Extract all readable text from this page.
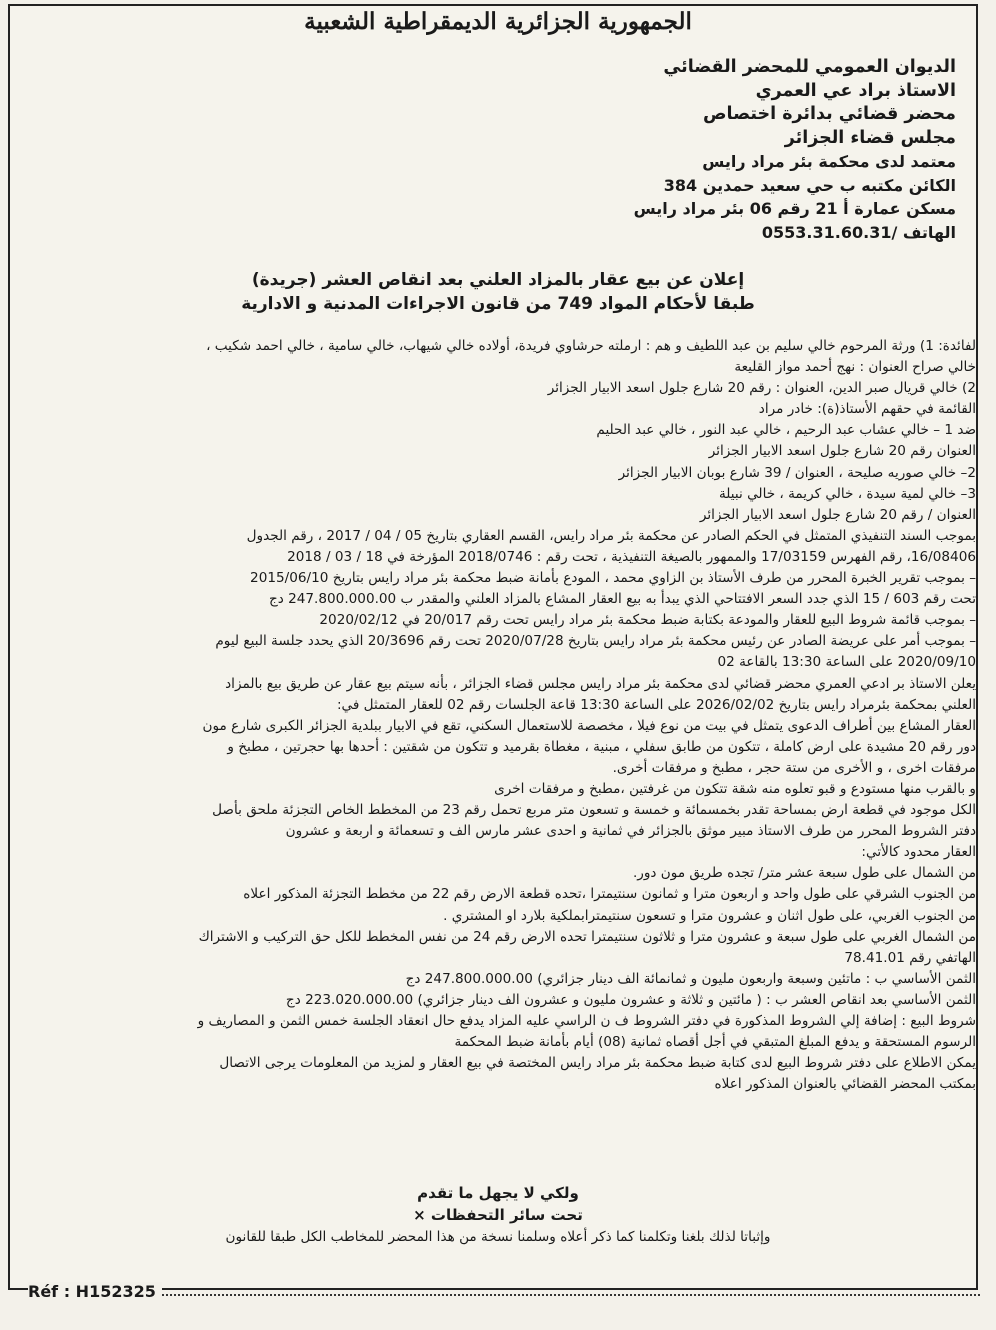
الجمهورية الجزائرية الديمقراطية الشعبية
الديوان العمومي للمحضر القضائي
الاستاذ براد عي العمري
محضر قضائي بدائرة اختصاص
مجلس قضاء الجزائر
معتمد لدى محكمة بئر مراد رايس
الكائن مكتبه ب حي سعيد حمدين 384
مسكن عمارة أ 21 رقم 06 بئر مراد رايس
الهاتف /0553.31.60.31
إعلان عن بيع عقار بالمزاد العلني بعد انقاص العشر (جريدة)
طبقا لأحكام المواد 749 من قانون الاجراءات المدنية و الادارية
لفائدة: 1) ورثة المرحوم خالي سليم بن عبد اللطيف و هم : ارملته حرشاوي فريدة، أولاده خالي شيهاب، خالي سامية ، خالي احمد شكيب ،
خالي صراح العنوان : نهج أحمد مواز القليعة
2) خالي قريال صبر الدين، العنوان : رقم 20 شارع جلول اسعد الابيار الجزائر
القائمة في حقهم الأستاذ(ة): خادر مراد
ضد 1 – خالي عشاب عبد الرحيم ، خالي عبد النور ، خالي عبد الحليم
العنوان رقم 20 شارع جلول اسعد الابيار الجزائر
2– خالي صوريه صليحة ، العنوان / 39 شارع بوبان الابيار الجزائر
3– خالي لمية سيدة ، خالي كريمة ، خالي نبيلة
العنوان / رقم 20 شارع جلول اسعد الابيار الجزائر
بموجب السند التنفيذي المتمثل في الحكم الصادر عن محكمة بئر مراد رايس، القسم العقاري بتاريخ 05 / 04 / 2017 ، رقم الجدول
16/08406، رقم الفهرس 17/03159 والممهور بالصيغة التنفيذية ، تحت رقم : 2018/0746 المؤرخة في 18 / 03 / 2018
– بموجب تقرير الخبرة المحرر من طرف الأستاذ بن الزاوي محمد ، المودع بأمانة ضبط محكمة بئر مراد رايس بتاريخ 2015/06/10
تحت رقم 603 / 15 الذي جدد السعر الافتتاحي الذي يبدأ به بيع العقار المشاع بالمزاد العلني والمقدر ب 247.800.000.00 دج
– بموجب قائمة شروط البيع للعقار والمودعة بكتابة ضبط محكمة بئر مراد رايس تحت رقم 20/017 في 2020/02/12
– بموجب أمر على عريضة الصادر عن رئيس محكمة بئر مراد رايس بتاريخ 2020/07/28 تحت رقم 20/3696 الذي يحدد جلسة البيع ليوم
2020/09/10 على الساعة 13:30 بالقاعة 02
يعلن الاستاذ بر ادعي العمري محضر قضائي لدى محكمة بئر مراد رايس مجلس قضاء الجزائر ، بأنه سيتم بيع عقار عن طريق بيع بالمزاد
العلني بمحكمة بئرمراد رايس بتاريخ 2026/02/02 على الساعة 13:30 قاعة الجلسات رقم 02 للعقار المتمثل في:
العقار المشاع بين أطراف الدعوى يتمثل في بيت من نوع فيلا ، مخصصة للاستعمال السكني، تقع في الابيار ببلدية الجزائر الكبرى شارع مون
دور رقم 20 مشيدة على ارض كاملة ، تتكون من طابق سفلي ، مبنية ، مغطاة بقرميد و تتكون من شقتين : أحدها بها حجرتين ، مطبخ و
مرفقات اخرى ، و الأخرى من ستة حجر ، مطبخ و مرفقات أخرى.
و بالقرب منها مستودع و قبو تعلوه منه شقة تتكون من غرفتين ،مطبخ و مرفقات اخرى
الكل موجود في قطعة ارض بمساحة تقدر بخمسمائة و خمسة و تسعون متر مربع تحمل رقم 23 من المخطط الخاص التجزئة ملحق بأصل
دفتر الشروط المحرر من طرف الاستاذ مبير موثق بالجزائر في ثمانية و احدى عشر مارس الف و تسعمائة و اربعة و عشرون
العقار محدود كالأتي:
من الشمال على طول سبعة عشر متر/ تجده طريق مون دور.
من الجنوب الشرقي على طول واحد و اربعون مترا و ثمانون سنتيمترا ،تحده قطعة الارض رقم 22 من مخطط التجزئة المذكور اعلاه
من الجنوب الغربي، على طول اثنان و عشرون مترا و تسعون سنتيمترابملكية بلارد او المشتري .
من الشمال الغربي على طول سبعة و عشرون مترا و ثلاثون سنتيمترا تحده الارض رقم 24 من نفس المخطط للكل حق التركيب و الاشتراك
الهاتفي رقم 78.41.01
الثمن الأساسي ب : ماتئين وسبعة واربعون مليون و ثمانمائة الف دينار جزائري) 247.800.000.00 دج
الثمن الأساسي بعد انقاص العشر ب : ( مائتين و ثلاثة و عشرون مليون و عشرون الف دينار جزائري) 223.020.000.00 دج
شروط البيع : إضافة إلي الشروط المذكورة في دفتر الشروط ف ن الراسي عليه المزاد يدفع حال انعقاد الجلسة خمس الثمن و المصاريف و
الرسوم المستحقة و يدفع المبلغ المتبقي في أجل أقصاه ثمانية (08) أيام بأمانة ضبط المحكمة
يمكن الاطلاع على دفتر شروط البيع لدى كتابة ضبط محكمة بئر مراد رايس المختصة في بيع العقار و لمزيد من المعلومات يرجى الاتصال
بمكتب المحضر القضائي بالعنوان المذكور اعلاه
ولكي لا يجهل ما تقدم
تحت سائر التحفظات ×
وإثباتا لذلك بلغنا وتكلمنا كما ذكر أعلاه وسلمنا نسخة من هذا المحضر للمخاطب الكل طبقا للقانون
Réf : H152325
